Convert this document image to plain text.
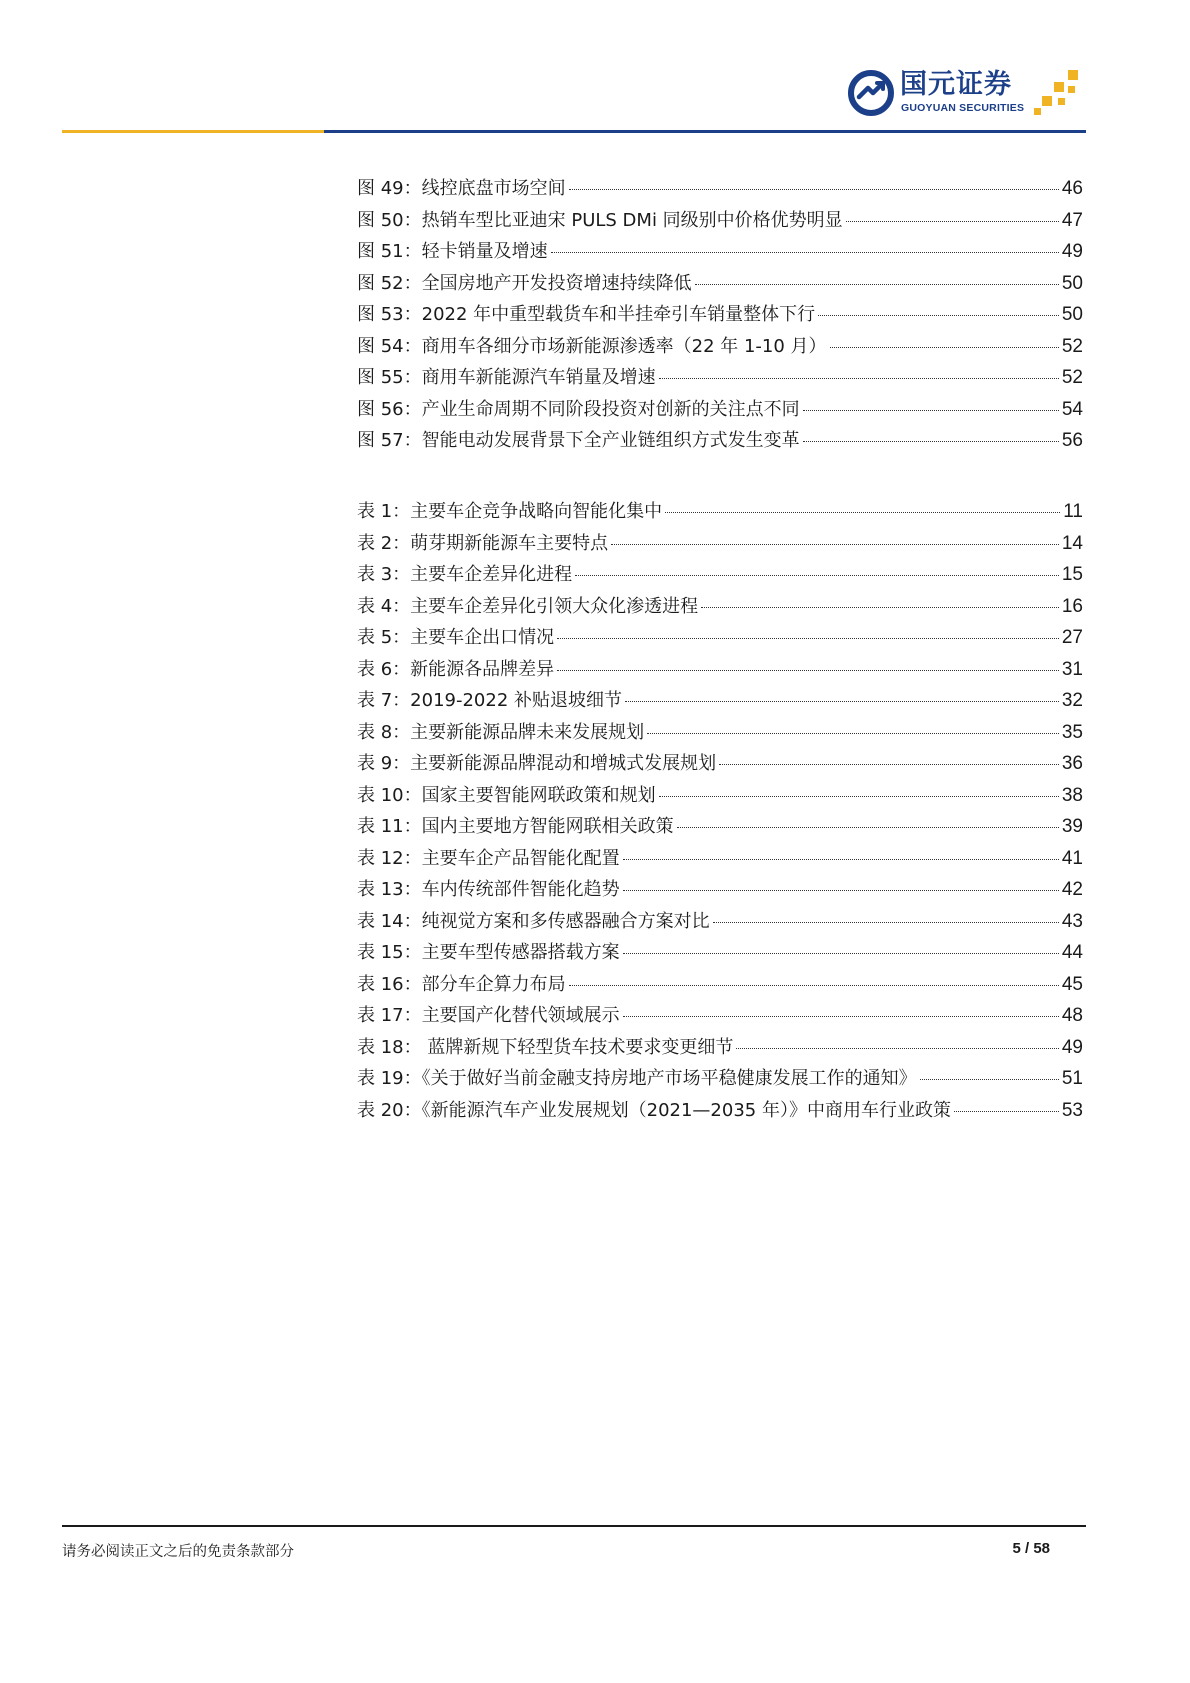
国元证券
GUOYUAN SECURITIES
图 49：线控底盘市场空间	46
图 50：热销车型比亚迪宋 PULS DMi 同级别中价格优势明显	47
图 51：轻卡销量及增速	49
图 52：全国房地产开发投资增速持续降低	50
图 53：2022 年中重型载货车和半挂牵引车销量整体下行	50
图 54：商用车各细分市场新能源渗透率（22 年 1-10 月）	52
图 55：商用车新能源汽车销量及增速	52
图 56：产业生命周期不同阶段投资对创新的关注点不同	54
图 57：智能电动发展背景下全产业链组织方式发生变革	56
表 1：主要车企竞争战略向智能化集中	11
表 2：萌芽期新能源车主要特点	14
表 3：主要车企差异化进程	15
表 4：主要车企差异化引领大众化渗透进程	16
表 5：主要车企出口情况	27
表 6：新能源各品牌差异	31
表 7：2019-2022 补贴退坡细节	32
表 8：主要新能源品牌未来发展规划	35
表 9：主要新能源品牌混动和增城式发展规划	36
表 10：国家主要智能网联政策和规划	38
表 11：国内主要地方智能网联相关政策	39
表 12：主要车企产品智能化配置	41
表 13：车内传统部件智能化趋势	42
表 14：纯视觉方案和多传感器融合方案对比	43
表 15：主要车型传感器搭载方案	44
表 16：部分车企算力布局	45
表 17：主要国产化替代领域展示	48
表 18： 蓝牌新规下轻型货车技术要求变更细节	49
表 19：《关于做好当前金融支持房地产市场平稳健康发展工作的通知》	51
表 20：《新能源汽车产业发展规划（2021—2035 年）》中商用车行业政策	53
请务必阅读正文之后的免责条款部分	5 / 58
